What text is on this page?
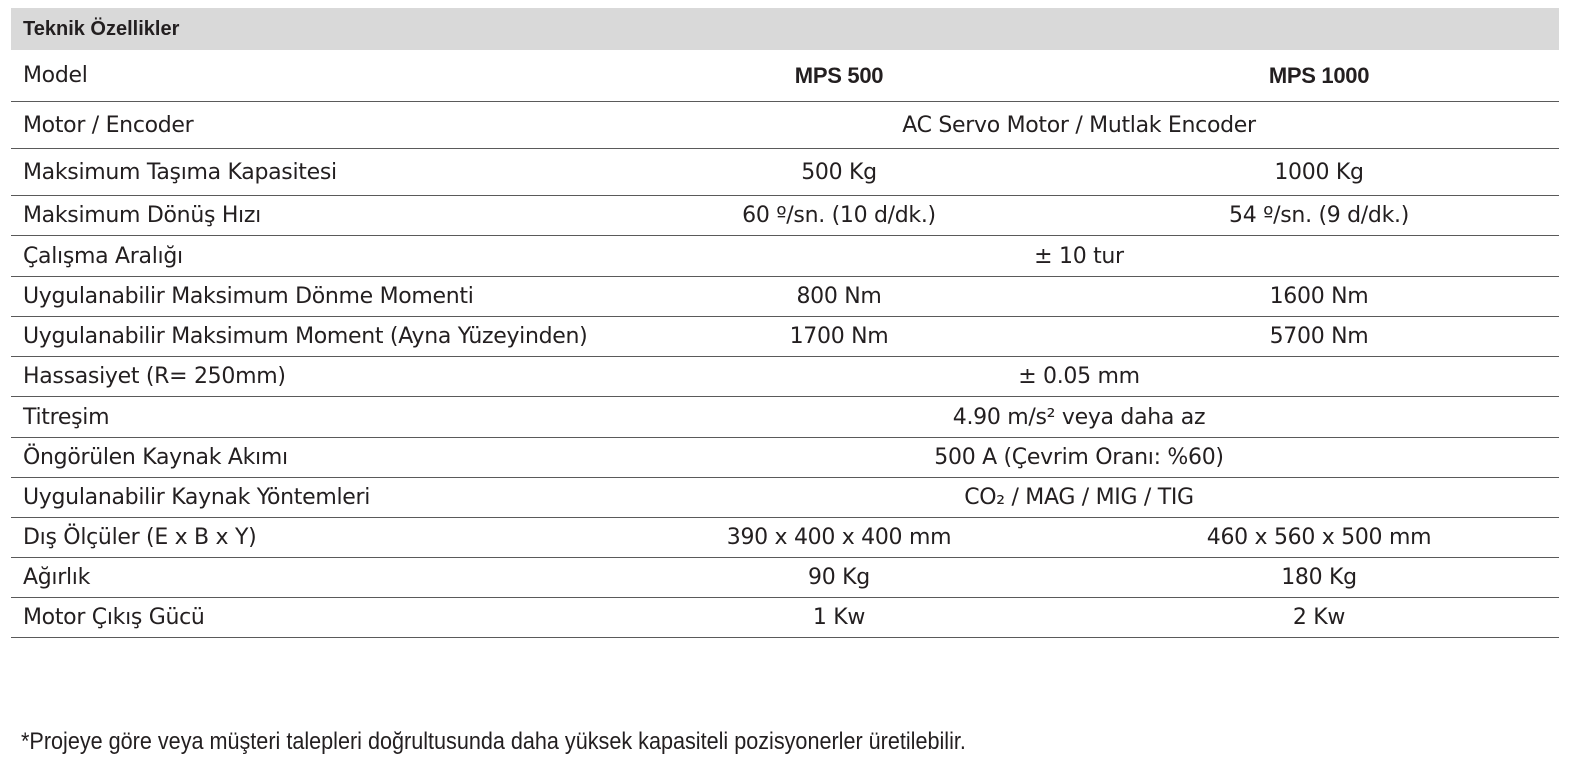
Teknik Özellikler
Model	MPS 500	MPS 1000
Motor / Encoder	AC Servo Motor / Mutlak Encoder
Maksimum Taşıma Kapasitesi	500 Kg	1000 Kg
Maksimum Dönüş Hızı	60 º/sn. (10 d/dk.)	54 º/sn. (9 d/dk.)
Çalışma Aralığı	± 10 tur
Uygulanabilir Maksimum Dönme Momenti	800 Nm	1600 Nm
Uygulanabilir Maksimum Moment (Ayna Yüzeyinden)	1700 Nm	5700 Nm
Hassasiyet (R= 250mm)	± 0.05 mm
Titreşim	4.90 m/s² veya daha az
Öngörülen Kaynak Akımı	500 A (Çevrim Oranı: %60)
Uygulanabilir Kaynak Yöntemleri	CO₂ / MAG / MIG / TIG
Dış Ölçüler (E x B x Y)	390 x 400 x 400 mm	460 x 560 x 500 mm
Ağırlık	90 Kg	180 Kg
Motor Çıkış Gücü	1 Kw	2 Kw
*Projeye göre veya müşteri talepleri doğrultusunda daha yüksek kapasiteli pozisyonerler üretilebilir.
